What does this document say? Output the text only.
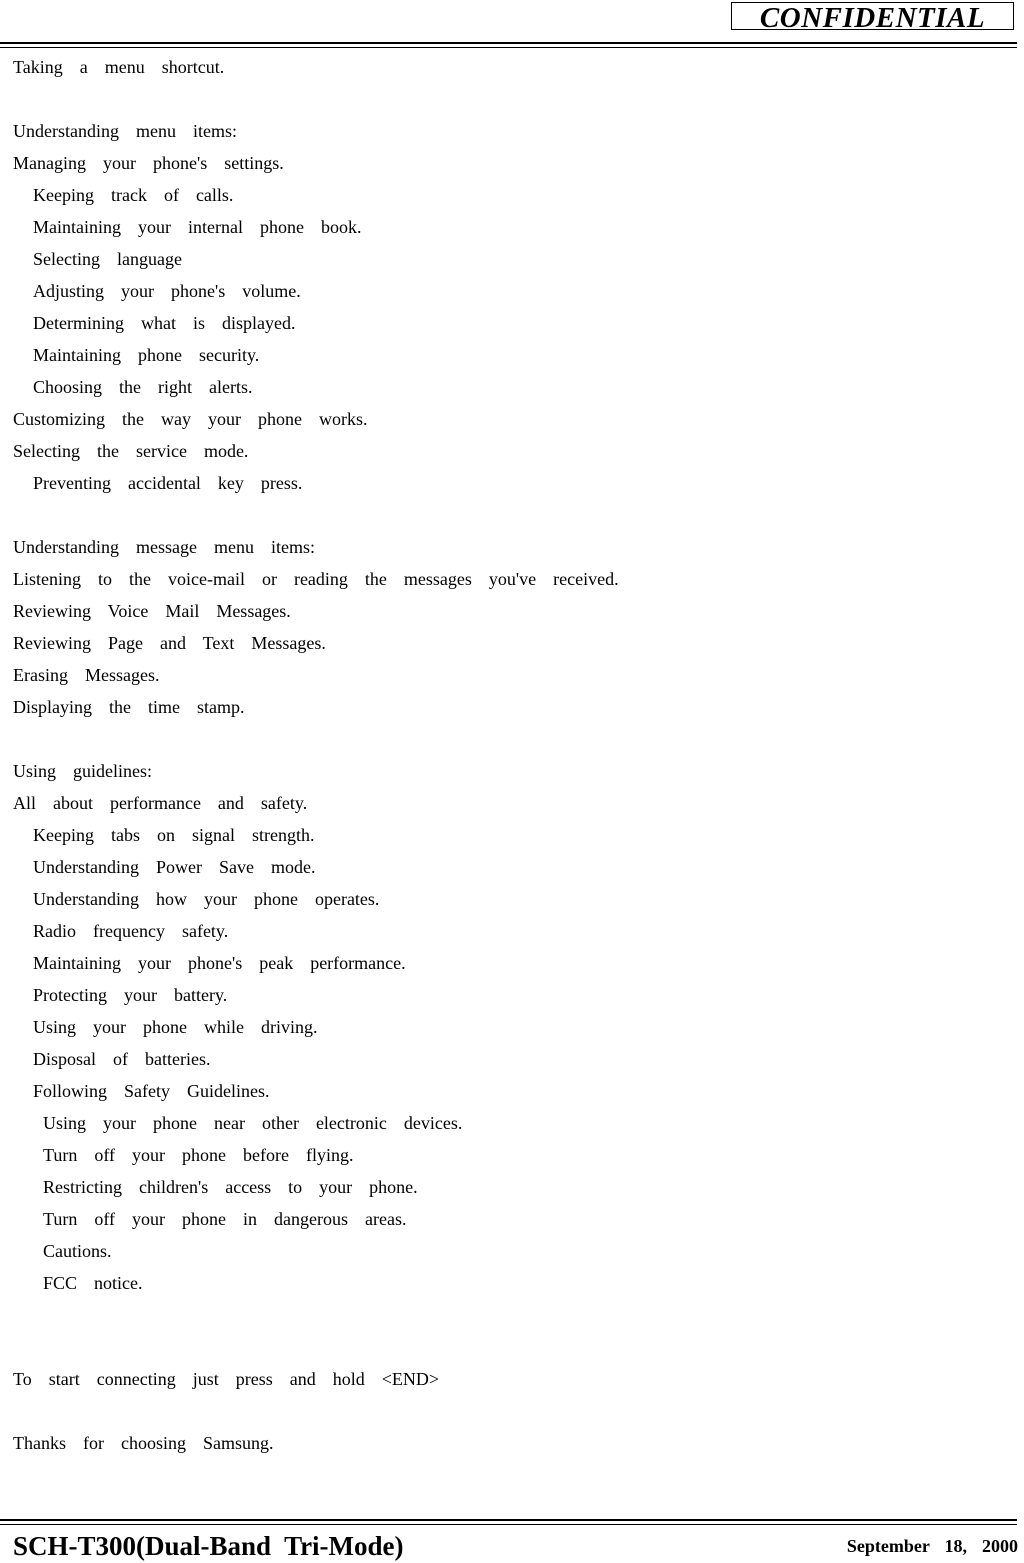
CONFIDENTIAL
Taking  a  menu  shortcut.
Understanding  menu  items:
Managing  your  phone's  settings.
Keeping  track  of  calls.
Maintaining  your  internal  phone  book.
Selecting  language
Adjusting  your  phone's  volume.
Determining  what  is  displayed.
Maintaining  phone  security.
Choosing  the  right  alerts.
Customizing  the  way  your  phone  works.
Selecting  the  service  mode.
Preventing  accidental  key  press.
Understanding  message  menu  items:
Listening  to  the  voice-mail  or  reading  the  messages  you've  received.
Reviewing  Voice  Mail  Messages.
Reviewing  Page  and  Text  Messages.
Erasing  Messages.
Displaying  the  time  stamp.
Using  guidelines:
All  about  performance  and  safety.
Keeping  tabs  on  signal  strength.
Understanding  Power  Save  mode.
Understanding  how  your  phone  operates.
Radio  frequency  safety.
Maintaining  your  phone's  peak  performance.
Protecting  your  battery.
Using  your  phone  while  driving.
Disposal  of  batteries.
Following  Safety  Guidelines.
Using  your  phone  near  other  electronic  devices.
Turn  off  your  phone  before  flying.
Restricting  children's  access  to  your  phone.
Turn  off  your  phone  in  dangerous  areas.
Cautions.
FCC  notice.
To  start  connecting  just  press  and  hold  <END>
Thanks  for  choosing  Samsung.
SCH-T300(Dual-Band  Tri-Mode)	September  18,  2000
